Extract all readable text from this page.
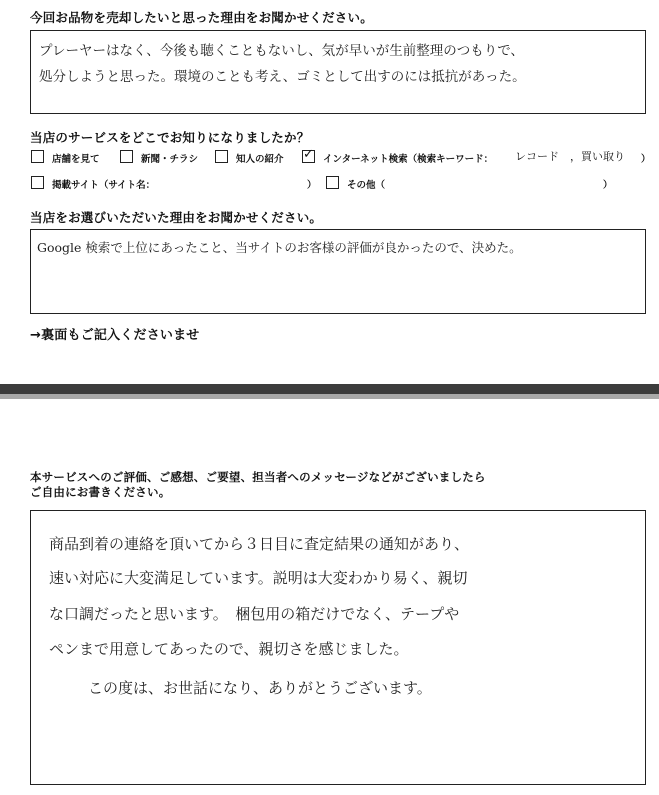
今回お品物を売却したいと思った理由をお聞かせください。
プレーヤーはなく、今後も聴くこともないし、気が早いが生前整理のつもりで、
処分しようと思った。環境のことも考え、ゴミとして出すのには抵抗があった。
当店のサービスをどこでお知りになりましたか？
店舗を見て	新聞・チラシ	知人の紹介 ✓ インターネット検索（検索キーワード： レコード　，買い取り ）
掲載サイト（サイト名：	）	その他（	）
当店をお選びいただいた理由をお聞かせください。
Google 検索で上位にあったこと、当サイトのお客様の評価が良かったので、決めた。
→裏面もご記入くださいませ
本サービスへのご評価、ご感想、ご要望、担当者へのメッセージなどがございましたら
ご自由にお書きください。
商品到着の連絡を頂いてから３日目に査定結果の通知があり、
速い対応に大変満足しています。説明は大変わかり易く、親切
な口調だったと思います。　梱包用の箱だけでなく、テープや
ペンまで用意してあったので、親切さを感じました。
　この度は、お世話になり、ありがとうございます。
